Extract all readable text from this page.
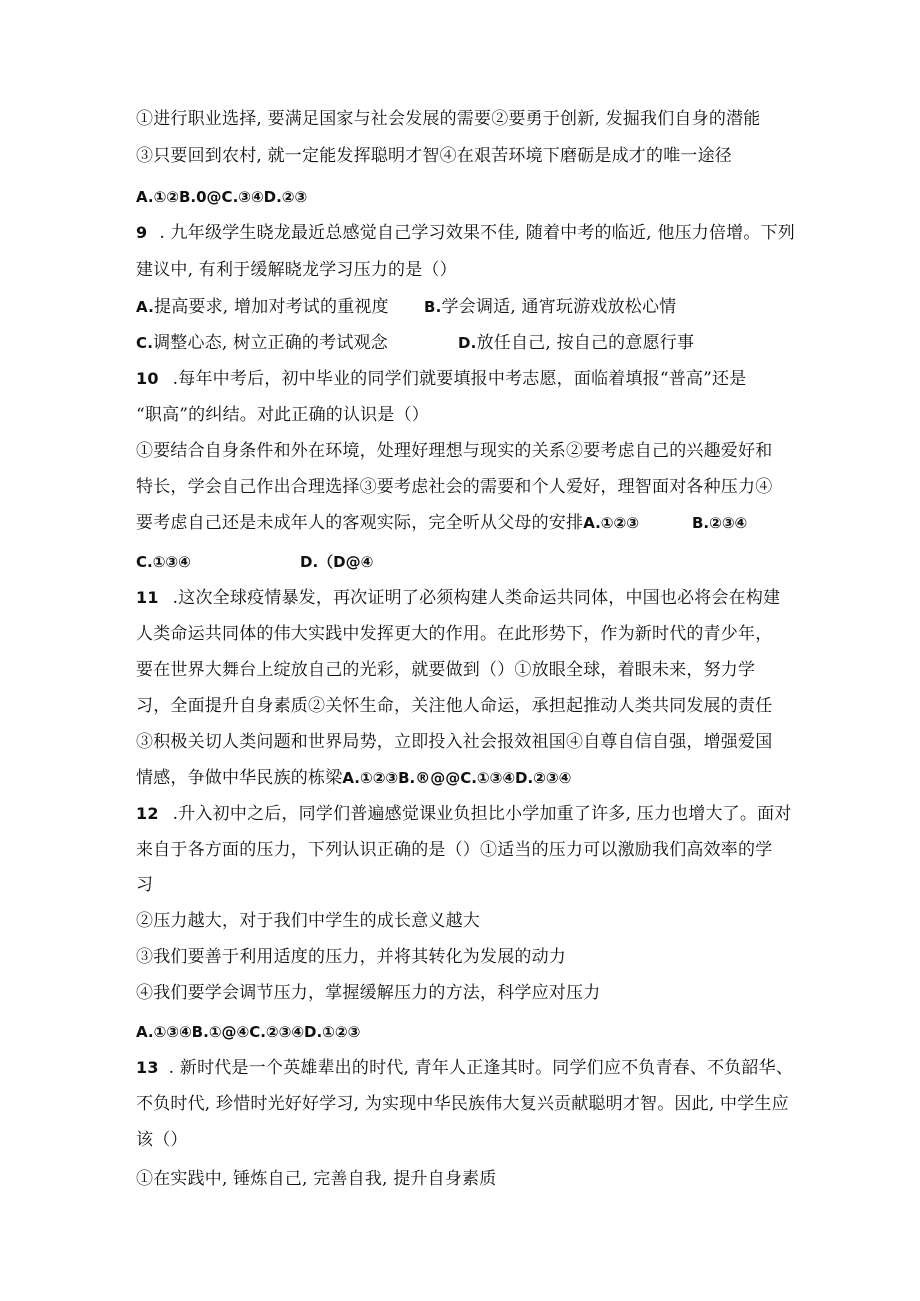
①进行职业选择, 要满足国家与社会发展的需要②要勇于创新, 发掘我们自身的潜能
③只要回到农村, 就一定能发挥聪明才智④在艰苦环境下磨砺是成才的唯一途径
A.①②B.0@C.③④D.②③
9 . 九年级学生晓龙最近总感觉自己学习效果不佳, 随着中考的临近, 他压力倍增。下列
建议中, 有利于缓解晓龙学习压力的是（）
A.提高要求, 增加对考试的重视度 B.学会调适, 通宵玩游戏放松心情
C.调整心态, 树立正确的考试观念	D.放任自己, 按自己的意愿行事
10 .每年中考后，初中毕业的同学们就要填报中考志愿，面临着填报“普高”还是
“职高”的纠结。对此正确的认识是（）
①要结合自身条件和外在环境，处理好理想与现实的关系②要考虑自己的兴趣爱好和
特长，学会自己作出合理选择③要考虑社会的需要和个人爱好，理智面对各种压力④
要考虑自己还是未成年人的客观实际，完全听从父母的安排A.①②③	B.②③④
C.①③④	D.（D@④
11 .这次全球疫情暴发，再次证明了必须构建人类命运共同体，中国也必将会在构建
人类命运共同体的伟大实践中发挥更大的作用。在此形势下，作为新时代的青少年，
要在世界大舞台上绽放自己的光彩，就要做到（）①放眼全球，着眼未来，努力学
习，全面提升自身素质②关怀生命，关注他人命运，承担起推动人类共同发展的责任
③积极关切人类问题和世界局势，立即投入社会报效祖国④自尊自信自强，增强爱国
情感，争做中华民族的栋梁A.①②③B.®@@C.①③④D.②③④
12 .升入初中之后，同学们普遍感觉课业负担比小学加重了许多, 压力也增大了。面对
来自于各方面的压力，下列认识正确的是（）①适当的压力可以激励我们高效率的学
习
②压力越大，对于我们中学生的成长意义越大
③我们要善于利用适度的压力，并将其转化为发展的动力
④我们要学会调节压力，掌握缓解压力的方法，科学应对压力
A.①③④B.①@④C.②③④D.①②③
13 . 新时代是一个英雄辈出的时代, 青年人正逢其时。同学们应不负青春、不负韶华、
不负时代, 珍惜时光好好学习, 为实现中华民族伟大复兴贡献聪明才智。因此, 中学生应
该（）
①在实践中, 锤炼自己, 完善自我, 提升自身素质
